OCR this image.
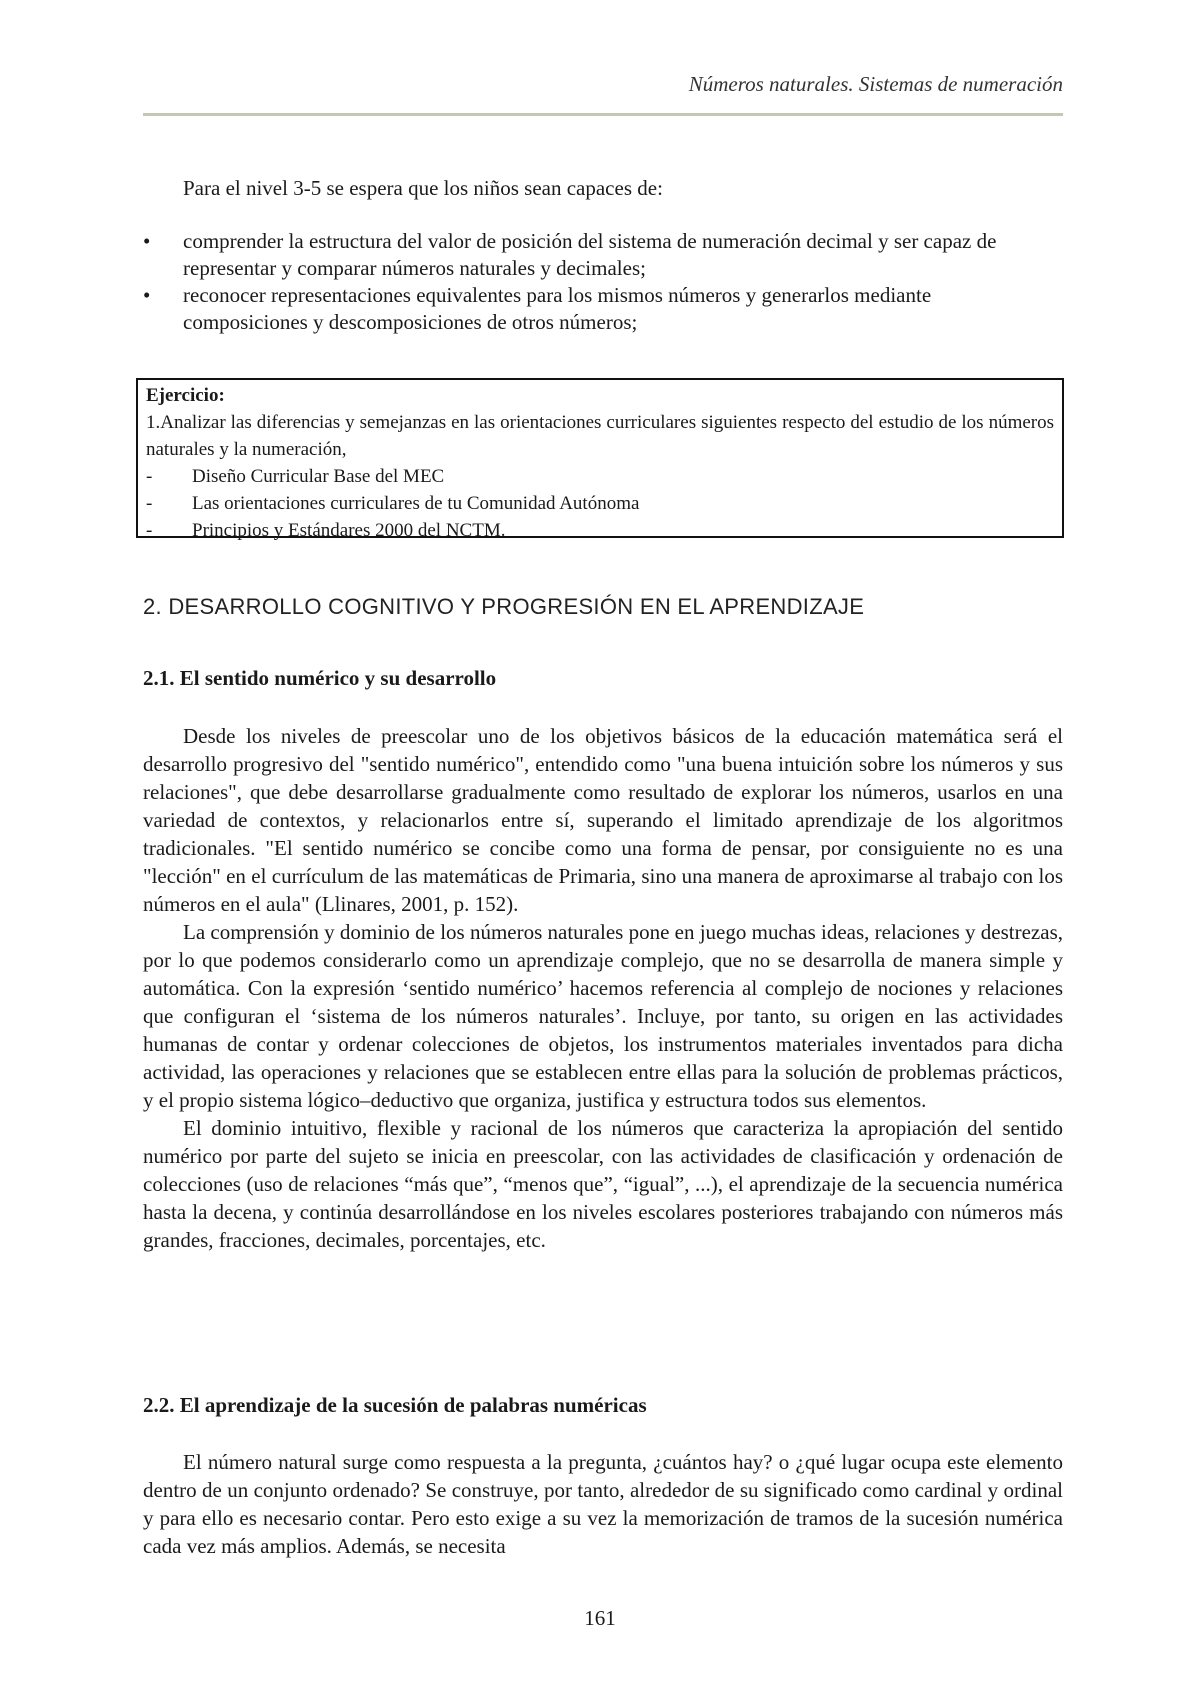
Números naturales. Sistemas de numeración
Para el nivel 3-5 se espera que los niños sean capaces de:
• comprender la estructura del valor de posición del sistema de numeración decimal y ser capaz de representar y comparar números naturales y decimales;
• reconocer representaciones equivalentes para los mismos números y generarlos mediante composiciones y descomposiciones de otros números;
Ejercicio:
1.Analizar las diferencias y semejanzas en las orientaciones curriculares siguientes respecto del estudio de los números naturales y la numeración,
- Diseño Curricular Base del MEC
- Las orientaciones curriculares de tu Comunidad Autónoma
- Principios y Estándares 2000 del NCTM.
2. DESARROLLO COGNITIVO Y PROGRESIÓN EN EL APRENDIZAJE
2.1. El sentido numérico y su desarrollo

Desde los niveles de preescolar uno de los objetivos básicos de la educación matemática será el desarrollo progresivo del "sentido numérico", entendido como "una buena intuición sobre los números y sus relaciones", que debe desarrollarse gradualmente como resultado de explorar los números, usarlos en una variedad de contextos, y relacionarlos entre sí, superando el limitado aprendizaje de los algoritmos tradicionales. "El sentido numérico se concibe como una forma de pensar, por consiguiente no es una "lección" en el currículum de las matemáticas de Primaria, sino una manera de aproximarse al trabajo con los números en el aula" (Llinares, 2001, p. 152).

La comprensión y dominio de los números naturales pone en juego muchas ideas, relaciones y destrezas, por lo que podemos considerarlo como un aprendizaje complejo, que no se desarrolla de manera simple y automática. Con la expresión ‘sentido numérico’ hacemos referencia al complejo de nociones y relaciones que configuran el ‘sistema de los números naturales’. Incluye, por tanto, su origen en las actividades humanas de contar y ordenar colecciones de objetos, los instrumentos materiales inventados para dicha actividad, las operaciones y relaciones que se establecen entre ellas para la solución de problemas prácticos, y el propio sistema lógico–deductivo que organiza, justifica y estructura todos sus elementos.

El dominio intuitivo, flexible y racional de los números que caracteriza la apropiación del sentido numérico por parte del sujeto se inicia en preescolar, con las actividades de clasificación y ordenación de colecciones (uso de relaciones “más que”, “menos que”, “igual”, ...), el aprendizaje de la secuencia numérica hasta la decena, y continúa desarrollándose en los niveles escolares posteriores trabajando con números más grandes, fracciones, decimales, porcentajes, etc.

2.2. El aprendizaje de la sucesión de palabras numéricas

El número natural surge como respuesta a la pregunta, ¿cuántos hay? o ¿qué lugar ocupa este elemento dentro de un conjunto ordenado? Se construye, por tanto, alrededor de su significado como cardinal y ordinal y para ello es necesario contar. Pero esto exige a su vez la memorización de tramos de la sucesión numérica cada vez más amplios. Además, se necesita

161
